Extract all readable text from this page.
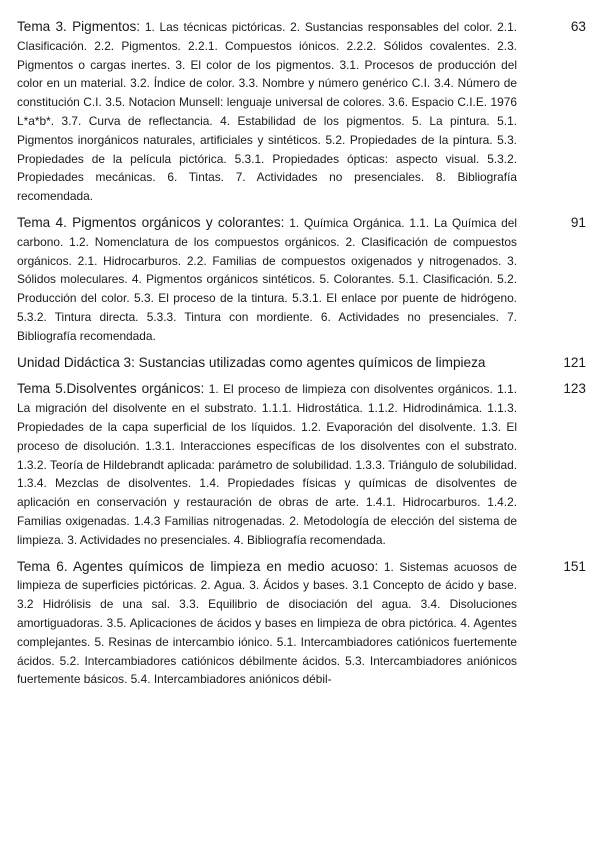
Tema 3. Pigmentos: 1. Las técnicas pictóricas. 2. Sustancias responsables del color. 2.1. Clasificación. 2.2. Pigmentos. 2.2.1. Compuestos iónicos. 2.2.2. Sólidos covalentes. 2.3. Pigmentos o cargas inertes. 3. El color de los pigmentos. 3.1. Procesos de producción del color en un material. 3.2. Índice de color. 3.3. Nombre y número genérico C.I. 3.4. Número de constitución C.I. 3.5. Notacion Munsell: lenguaje universal de colores. 3.6. Espacio C.I.E. 1976 L*a*b*. 3.7. Curva de reflectancia. 4. Estabilidad de los pigmentos. 5. La pintura. 5.1. Pigmentos inorgánicos naturales, artificiales y sintéticos. 5.2. Propiedades de la pintura. 5.3. Propiedades de la película pictórica. 5.3.1. Propiedades ópticas: aspecto visual. 5.3.2. Propiedades mecánicas. 6. Tintas. 7. Actividades no presenciales. 8. Bibliografía recomendada.

63

Tema 4. Pigmentos orgánicos y colorantes: 1. Química Orgánica. 1.1. La Química del carbono. 1.2. Nomenclatura de los compuestos orgánicos. 2. Clasificación de compuestos orgánicos. 2.1. Hidrocarburos. 2.2. Familias de compuestos oxigenados y nitrogenados. 3. Sólidos moleculares. 4. Pigmentos orgánicos sintéticos. 5. Colorantes. 5.1. Clasificación. 5.2. Producción del color. 5.3. El proceso de la tintura. 5.3.1. El enlace por puente de hidrógeno. 5.3.2. Tintura directa. 5.3.3. Tintura con mordiente. 6. Actividades no presenciales. 7. Bibliografía recomendada.

91

Unidad Didáctica 3: Sustancias utilizadas como agentes químicos de limpieza	121

Tema 5.Disolventes orgánicos: 1. El proceso de limpieza con disolventes orgánicos. 1.1. La migración del disolvente en el substrato. 1.1.1. Hidrostática. 1.1.2. Hidrodinámica. 1.1.3. Propiedades de la capa superficial de los líquidos. 1.2. Evaporación del disolvente. 1.3. El proceso de disolución. 1.3.1. Interacciones específicas de los disolventes con el substrato. 1.3.2. Teoría de Hildebrandt aplicada: parámetro de solubilidad. 1.3.3. Triángulo de solubilidad. 1.3.4. Mezclas de disolventes. 1.4. Propiedades físicas y químicas de disolventes de aplicación en conservación y restauración de obras de arte. 1.4.1. Hidrocarburos. 1.4.2. Familias oxigenadas. 1.4.3 Familias nitrogenadas. 2. Metodología de elección del sistema de limpieza. 3. Actividades no presenciales. 4. Bibliografía recomendada.

123

Tema 6. Agentes químicos de limpieza en medio acuoso: 1. Sistemas acuosos de limpieza de superficies pictóricas. 2. Agua. 3. Ácidos y bases. 3.1 Concepto de ácido y base. 3.2 Hidrólisis de una sal. 3.3. Equilibrio de disociación del agua. 3.4. Disoluciones amortiguadoras. 3.5. Aplicaciones de ácidos y bases en limpieza de obra pictórica. 4. Agentes complejantes. 5. Resinas de intercambio iónico. 5.1. Intercambiadores catiónicos fuertemente ácidos. 5.2. Intercambiadores catiónicos débilmente ácidos. 5.3. Intercambiadores aniónicos fuertemente básicos. 5.4. Intercambiadores aniónicos débil-

151
